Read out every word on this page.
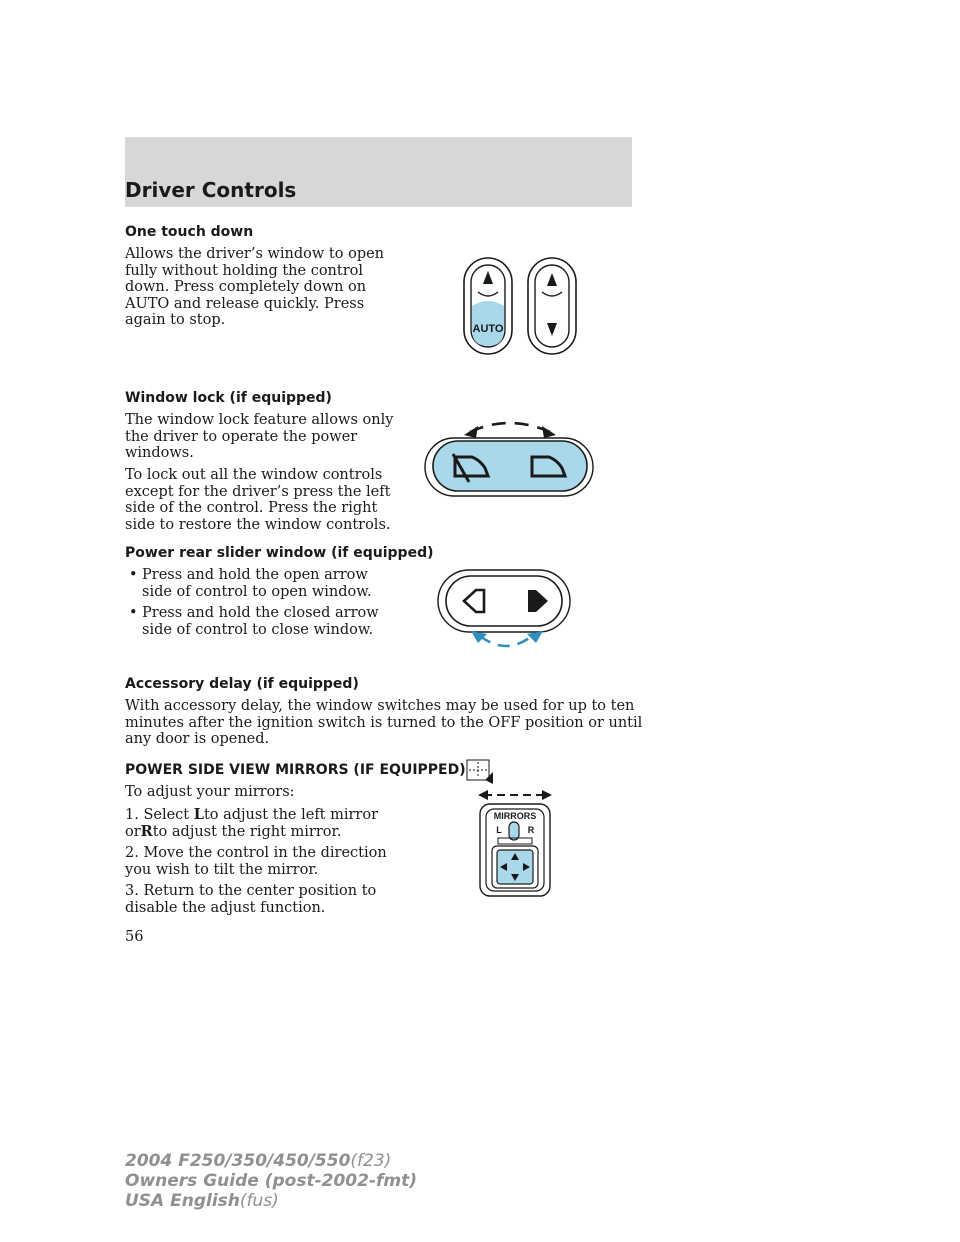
Driver Controls
One touch down
Allows the driver’s window to open
fully without holding the control
down. Press completely down on
AUTO and release quickly. Press
again to stop.
AUTO
Window lock (if equipped)
The window lock feature allows only
the driver to operate the power
windows.
To lock out all the window controls
except for the driver’s press the left
side of the control. Press the right
side to restore the window controls.
Power rear slider window (if equipped)
• Press and hold the open arrow
side of control to open window.
• Press and hold the closed arrow
side of control to close window.
Accessory delay (if equipped)
With accessory delay, the window switches may be used for up to ten
minutes after the ignition switch is turned to the OFF position or until
any door is opened.
POWER SIDE VIEW MIRRORS (IF EQUIPPED)
To adjust your mirrors:
1. Select Lto adjust the left mirror
orRto adjust the right mirror.
2. Move the control in the direction
you wish to tilt the mirror.
3. Return to the center position to
disable the adjust function.
MIRRORS
L	R
56
2004 F250/350/450/550(f23)
Owners Guide (post-2002-fmt)
USA English(fus)
